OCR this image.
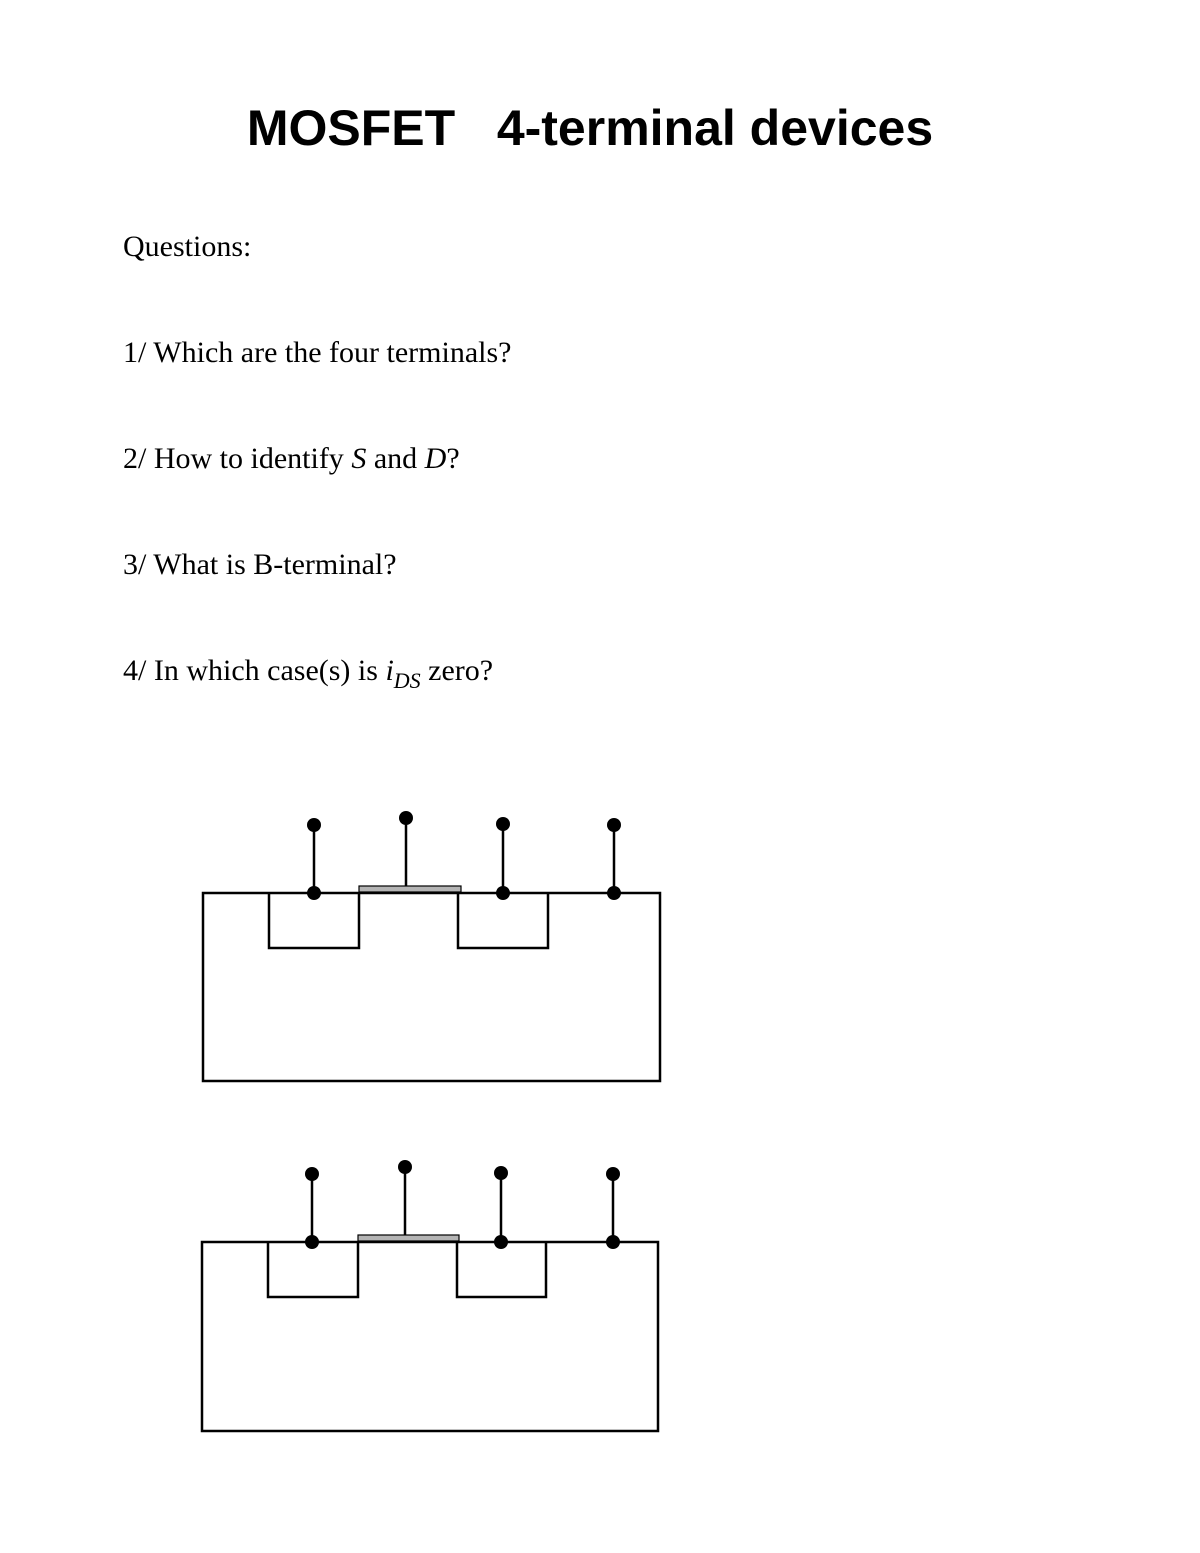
MOSFET   4-terminal devices

Questions:

1/ Which are the four terminals?

2/ How to identify S and D?

3/ What is B-terminal?

4/ In which case(s) is $i_{DS}$ zero?
